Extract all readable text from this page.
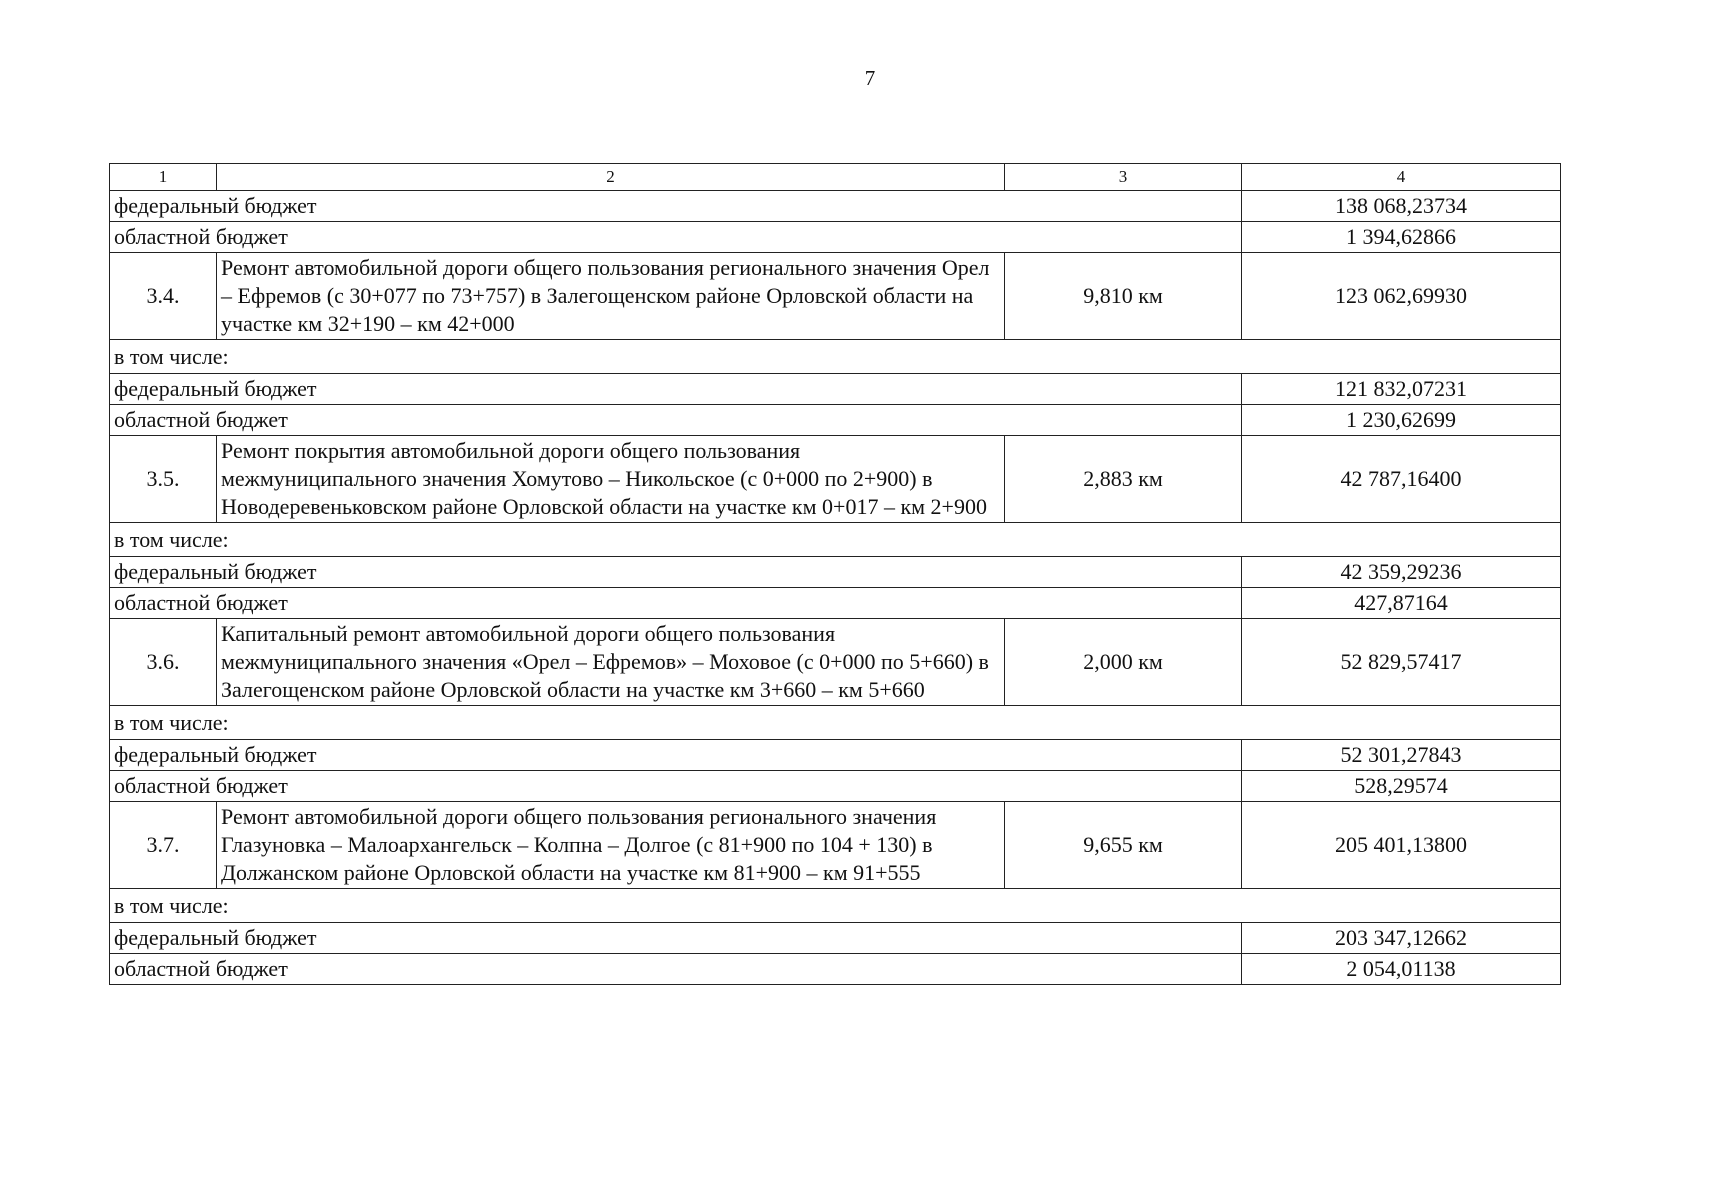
7
1	2	3	4
федеральный бюджет			138 068,23734
областной бюджет			1 394,62866
3.4.	Ремонт автомобильной дороги общего пользования регионального значения Орел – Ефремов (с 30+077 по 73+757) в Залегощенском районе Орловской области на участке км 32+190 – км 42+000	9,810 км	123 062,69930
в том числе:			
федеральный бюджет			121 832,07231
областной бюджет			1 230,62699
3.5.	Ремонт покрытия автомобильной дороги общего пользования межмуниципального значения Хомутово – Никольское (с 0+000 по 2+900) в Новодеревеньковском районе Орловской области на участке км 0+017 – км 2+900	2,883 км	42 787,16400
в том числе:			
федеральный бюджет			42 359,29236
областной бюджет			427,87164
3.6.	Капитальный ремонт автомобильной дороги общего пользования межмуниципального значения «Орел – Ефремов» – Моховое (с 0+000 по 5+660) в Залегощенском районе Орловской области на участке км 3+660 – км 5+660	2,000 км	52 829,57417
в том числе:			
федеральный бюджет			52 301,27843
областной бюджет			528,29574
3.7.	Ремонт автомобильной дороги общего пользования регионального значения Глазуновка – Малоархангельск – Колпна – Долгое (с 81+900 по 104 + 130) в Должанском районе Орловской области на участке км 81+900 – км 91+555	9,655 км	205 401,13800
в том числе:			
федеральный бюджет			203 347,12662
областной бюджет			2 054,01138
